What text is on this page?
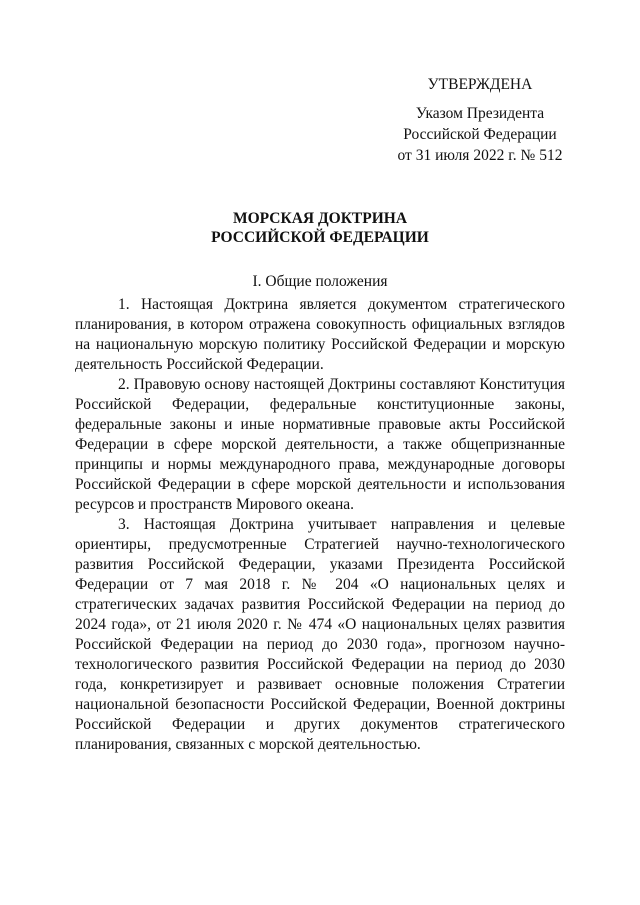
УТВЕРЖДЕНА
Указом Президента
Российской Федерации
от 31 июля 2022 г. № 512
МОРСКАЯ ДОКТРИНА
РОССИЙСКОЙ ФЕДЕРАЦИИ
I. Общие положения

1. Настоящая Доктрина является документом стратегического планирования, в котором отражена совокупность официальных взглядов на национальную морскую политику Российской Федерации и морскую деятельность Российской Федерации.

2. Правовую основу настоящей Доктрины составляют Конституция Российской Федерации, федеральные конституционные законы, федеральные законы и иные нормативные правовые акты Российской Федерации в сфере морской деятельности, а также общепризнанные принципы и нормы международного права, международные договоры Российской Федерации в сфере морской деятельности и использования ресурсов и пространств Мирового океана.

3. Настоящая Доктрина учитывает направления и целевые ориентиры, предусмотренные Стратегией научно-технологического развития Российской Федерации, указами Президента Российской Федерации от 7 мая 2018 г. № 204 «О национальных целях и стратегических задачах развития Российской Федерации на период до 2024 года», от 21 июля 2020 г. № 474 «О национальных целях развития Российской Федерации на период до 2030 года», прогнозом научно-технологического развития Российской Федерации на период до 2030 года, конкретизирует и развивает основные положения Стратегии национальной безопасности Российской Федерации, Военной доктрины Российской Федерации и других документов стратегического планирования, связанных с морской деятельностью.
